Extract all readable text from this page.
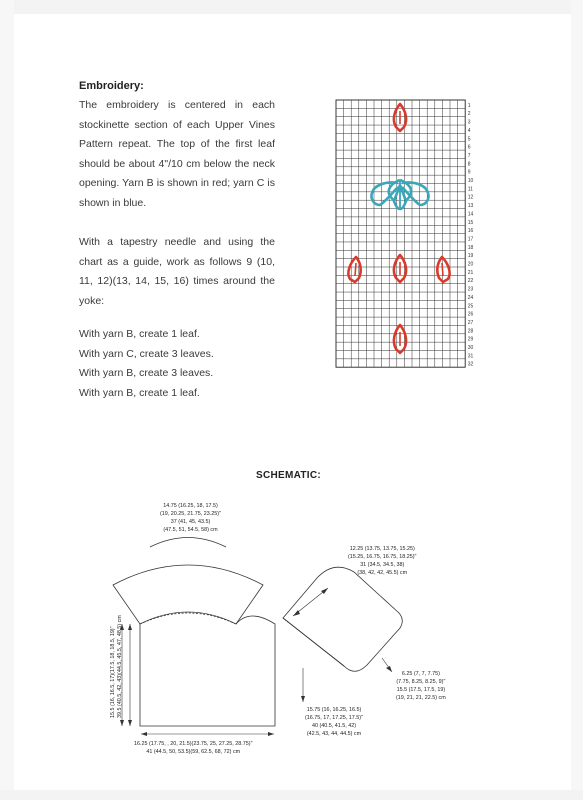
Embroidery:

The embroidery is centered in each stockinette section of each Upper Vines Pattern repeat. The top of the first leaf should be about 4"/10 cm below the neck opening. Yarn B is shown in red; yarn C is shown in blue.

With a tapestry needle and using the chart as a guide, work as follows 9 (10, 11, 12)(13, 14, 15, 16) times around the yoke:

With yarn B, create 1 leaf.
With yarn C, create 3 leaves.
With yarn B, create 3 leaves.
With yarn B, create 1 leaf.
1
2
3
4
5
6
7
8
9
10
11
12
13
14
15
16
17
18
19
20
21
22
23
24
25
26
27
28
29
30
31
32
SCHEMATIC:
14.75 (16.25, 18, 17.5)
(19, 20.25, 21.75, 23.25)"
37 (41, 45, 43.5)
(47.5, 51, 54.5, 58) cm
12.25 (13.75, 13.75, 15.25)
(15.25, 16.75, 16.75, 18.25)"
31 (34.5, 34.5, 38)
(38, 42, 42, 45.5) cm
6.25 (7, 7, 7.75)
(7.75, 8.25, 8.25, 9)"
15.5 (17.5, 17.5, 19)
(19, 21, 21, 22.5) cm
15.75 (16, 16.25, 16.5)
(16.75, 17, 17.25, 17.5)"
40 (40.5, 41.5, 42)
(42.5, 43, 44, 44.5) cm
16.25 (17.75, , 20, 21.5)(23.75, 25, 27.25, 28.75)"
41 (44.5, 50, 53.5)(59, 62.5, 68, 72) cm
15.5 (16, 16.5, 17)(17.5, 18, 18.5, 19)" 39.5 (40.5, 42, 43)(44.5, 45.5, 47, 48.5) cm
